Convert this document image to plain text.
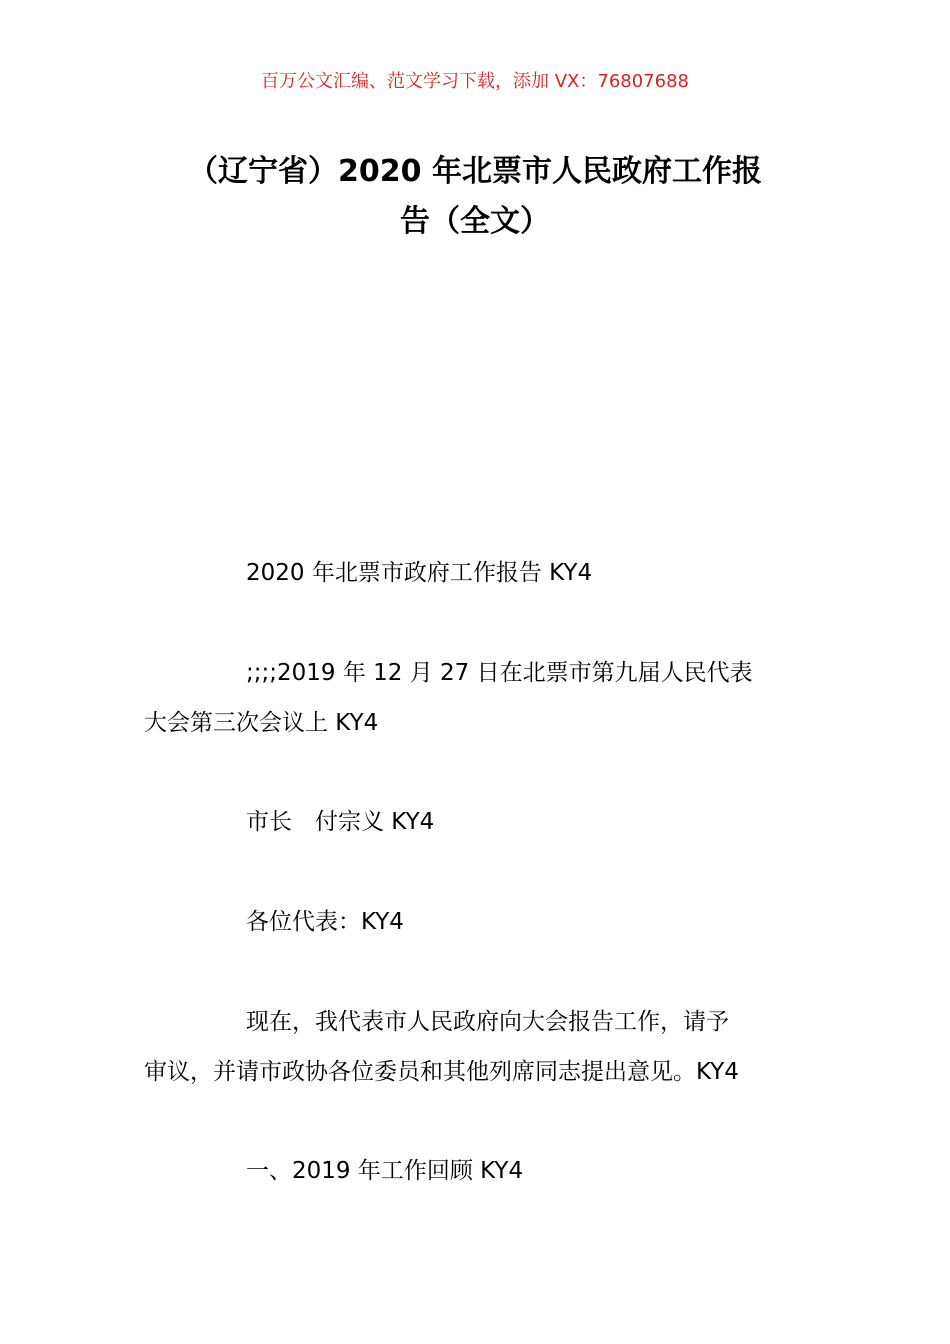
百万公文汇编、范文学习下载，添加 VX：76807688
（辽宁省）2020 年北票市人民政府工作报
告（全文）

2020 年北票市政府工作报告 KY4

;;;;2019 年 12 月 27 日在北票市第九届人民代表
大会第三次会议上 KY4

市长　付宗义 KY4

各位代表：KY4

现在，我代表市人民政府向大会报告工作，请予
审议，并请市政协各位委员和其他列席同志提出意见。KY4

一、2019 年工作回顾 KY4
